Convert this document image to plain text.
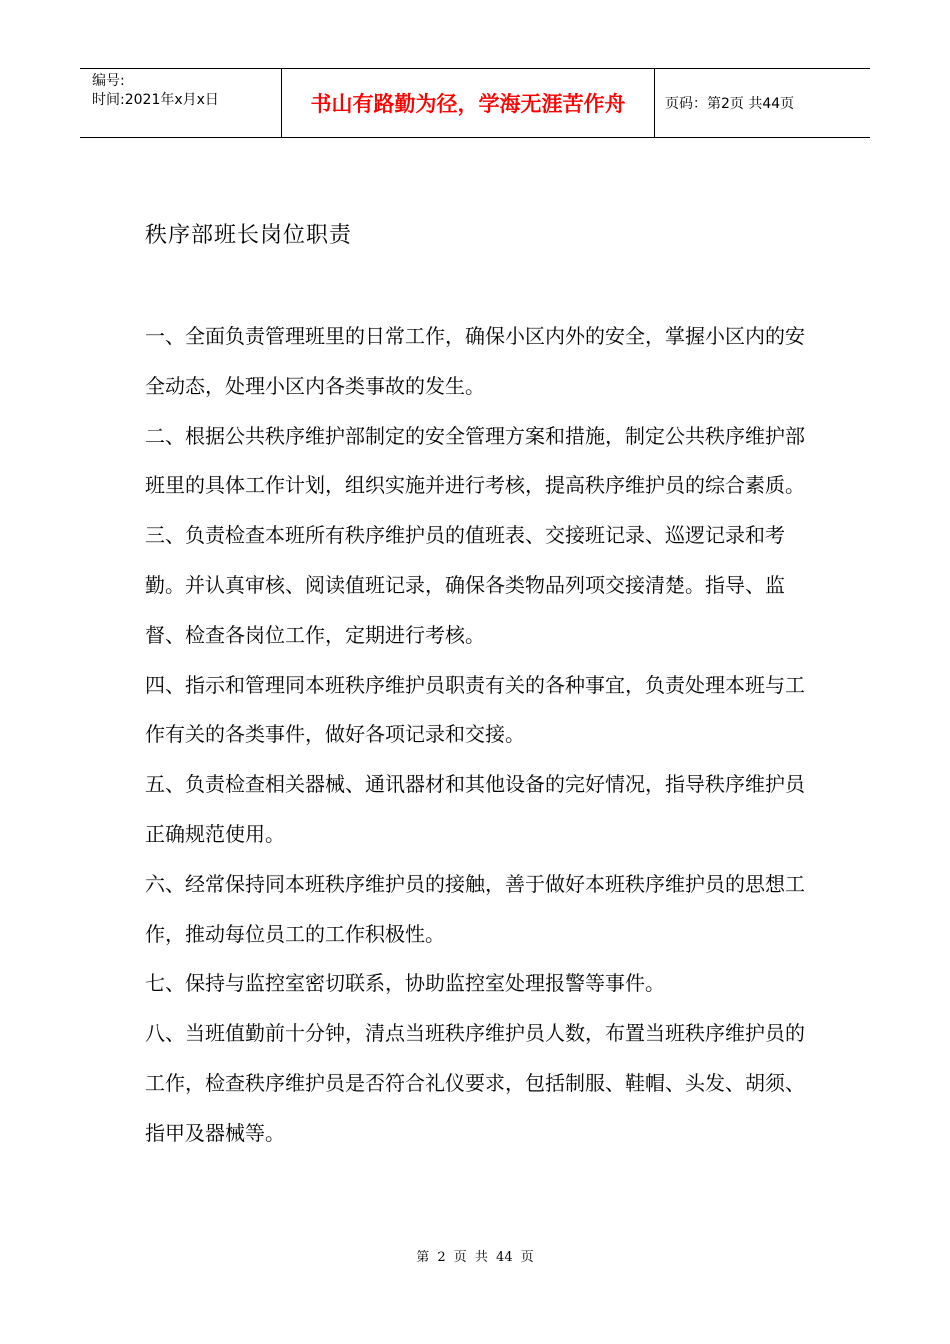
编号:
时间:2021年x月x日	书山有路勤为径，学海无涯苦作舟	页码：第2页 共44页
秩序部班长岗位职责

一、全面负责管理班里的日常工作，确保小区内外的安全，掌握小区内的安全动态，处理小区内各类事故的发生。

二、根据公共秩序维护部制定的安全管理方案和措施，制定公共秩序维护部班里的具体工作计划，组织实施并进行考核，提高秩序维护员的综合素质。

三、负责检查本班所有秩序维护员的值班表、交接班记录、巡逻记录和考勤。并认真审核、阅读值班记录，确保各类物品列项交接清楚。指导、监督、检查各岗位工作，定期进行考核。

四、指示和管理同本班秩序维护员职责有关的各种事宜，负责处理本班与工作有关的各类事件，做好各项记录和交接。

五、负责检查相关器械、通讯器材和其他设备的完好情况，指导秩序维护员正确规范使用。

六、经常保持同本班秩序维护员的接触，善于做好本班秩序维护员的思想工作，推动每位员工的工作积极性。

七、保持与监控室密切联系，协助监控室处理报警等事件。

八、当班值勤前十分钟，清点当班秩序维护员人数，布置当班秩序维护员的工作，检查秩序维护员是否符合礼仪要求，包括制服、鞋帽、头发、胡须、指甲及器械等。

第 2 页 共 44 页
